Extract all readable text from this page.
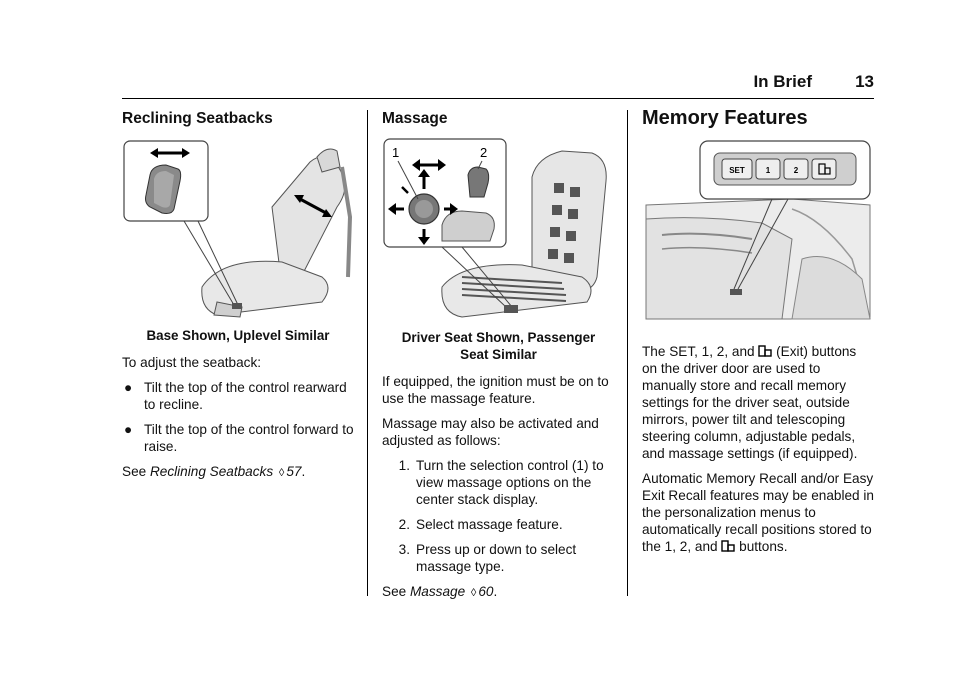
In Brief	13
Reclining Seatbacks
Base Shown, Uplevel Similar

To adjust the seatback:

● Tilt the top of the control rearward to recline.
● Tilt the top of the control forward to raise.

See Reclining Seatbacks ◊ 57.

Massage
1	2
Driver Seat Shown, Passenger
Seat Similar

If equipped, the ignition must be on to use the massage feature.

Massage may also be activated and adjusted as follows:

1. Turn the selection control (1) to view massage options on the center stack display.
2. Select massage feature.
3. Press up or down to select massage type.

See Massage ◊ 60.

Memory Features
SET	1	2

The SET, 1, 2, and  (Exit) buttons on the driver door are used to manually store and recall memory settings for the driver seat, outside mirrors, power tilt and telescoping steering column, adjustable pedals, and massage settings (if equipped).

Automatic Memory Recall and/or Easy Exit Recall features may be enabled in the personalization menus to automatically recall positions stored to the 1, 2, and  buttons.
